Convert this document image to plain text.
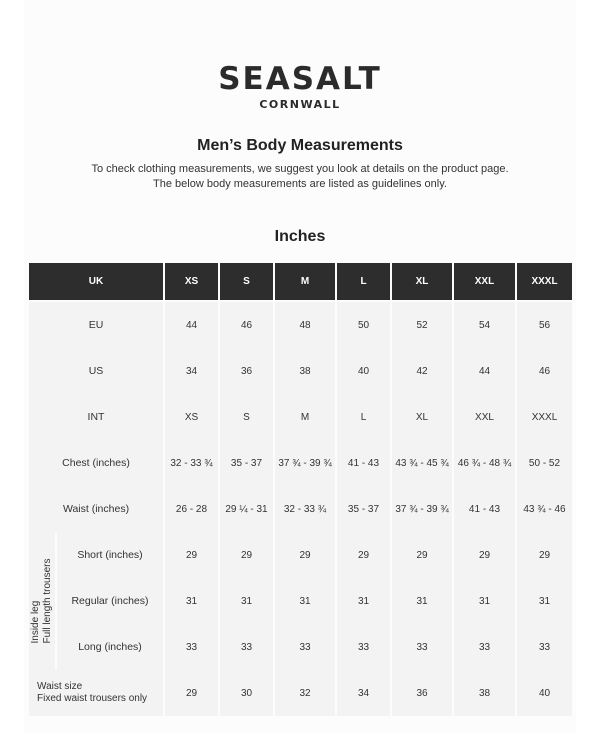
SEASALT
CORNWALL
Men’s Body Measurements
To check clothing measurements, we suggest you look at details on the product page.
The below body measurements are listed as guidelines only.
Inches
UK		XS	S	M	L	XL	XXL	XXXL
EU		44	46	48	50	52	54	56
US		34	36	38	40	42	44	46
INT		XS	S	M	L	XL	XXL	XXXL
Chest (inches)		32 - 33 ¾	35 - 37	37 ¾ - 39 ¾	41 - 43	43 ¾ - 45 ¾	46 ¾ - 48 ¾	50 - 52
Waist (inches)		26 - 28	29 ¼ - 31	32 - 33 ¾	35 - 37	37 ¾ - 39 ¾	41 - 43	43 ¾ - 46

Inside leg Full length trousers	Short (inches)	29	29	29	29	29	29	29
	Regular (inches)	31	31	31	31	31	31	31
	Long (inches)	33	33	33	33	33	33	33

Waist size
Fixed waist trousers only		29	30	32	34	36	38	40
